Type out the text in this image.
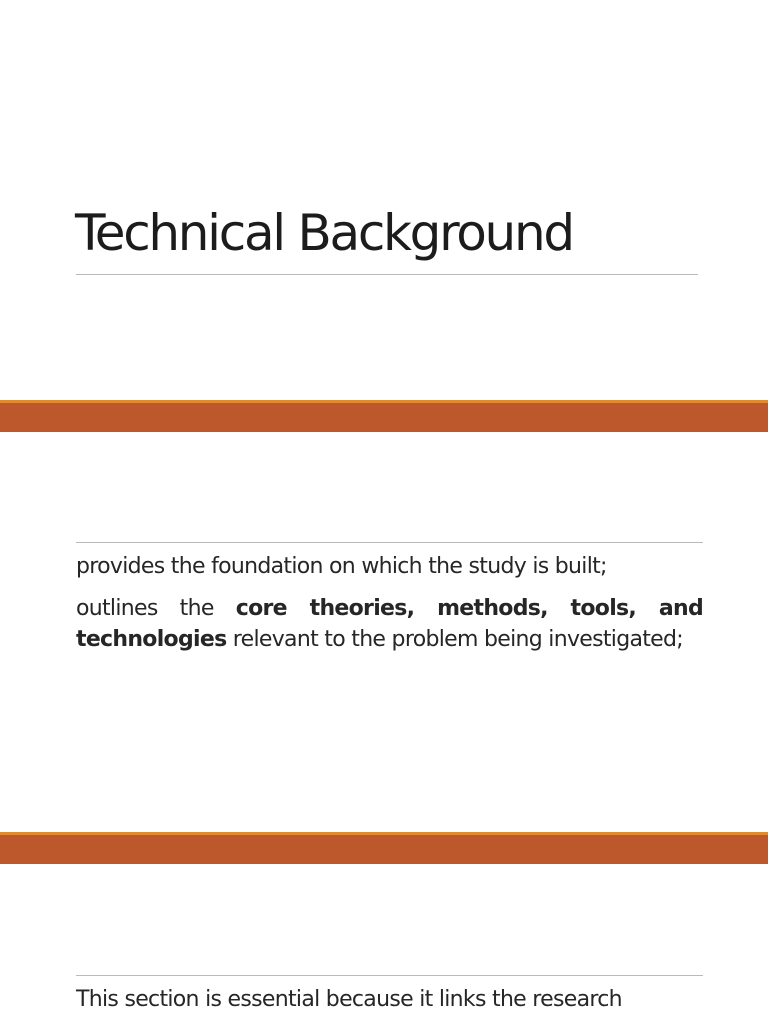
Technical Background

provides the foundation on which the study is built;

outlines the core theories, methods, tools, and technologies relevant to the problem being investigated;

This section is essential because it links the research
